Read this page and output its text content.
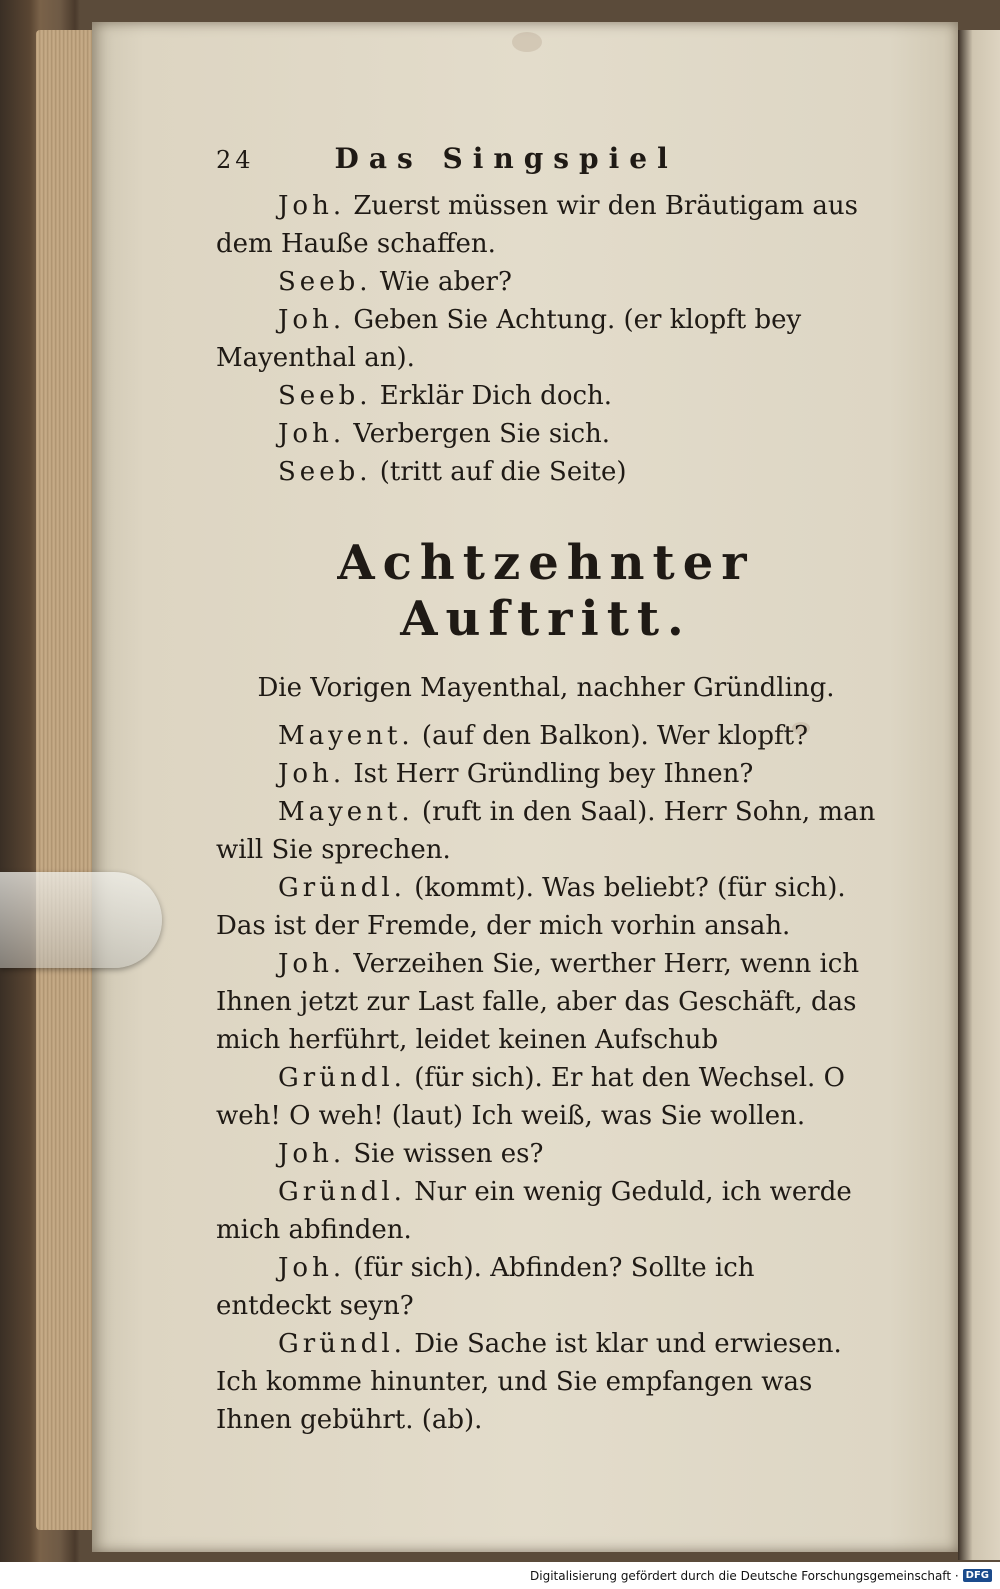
24	Das Singspiel

Joh. Zuerst müssen wir den Bräutigam aus dem Hauße schaffen.

Seeb. Wie aber?

Joh. Geben Sie Achtung. (er klopft bey Mayenthal an).

Seeb. Erklär Dich doch.

Joh. Verbergen Sie sich.

Seeb. (tritt auf die Seite)

Achtzehnter Auftritt.

Die Vorigen Mayenthal, nachher Gründling.

Mayent. (auf den Balkon). Wer klopft?

Joh. Ist Herr Gründling bey Ihnen?

Mayent. (ruft in den Saal). Herr Sohn, man will Sie sprechen.

Gründl. (kommt). Was beliebt? (für sich). Das ist der Fremde, der mich vorhin ansah.

Joh. Verzeihen Sie, werther Herr, wenn ich Ihnen jetzt zur Last falle, aber das Geschäft, das mich herführt, leidet keinen Aufschub

Gründl. (für sich). Er hat den Wechsel. O weh! O weh! (laut) Ich weiß, was Sie wollen.

Joh. Sie wissen es?

Gründl. Nur ein wenig Geduld, ich werde mich abfinden.

Joh. (für sich). Abfinden? Sollte ich entdeckt seyn?

Gründl. Die Sache ist klar und erwiesen. Ich komme hinunter, und Sie empfangen was Ihnen gebührt. (ab).

Digitalisierung gefördert durch die Deutsche Forschungsgemeinschaft · DFG
